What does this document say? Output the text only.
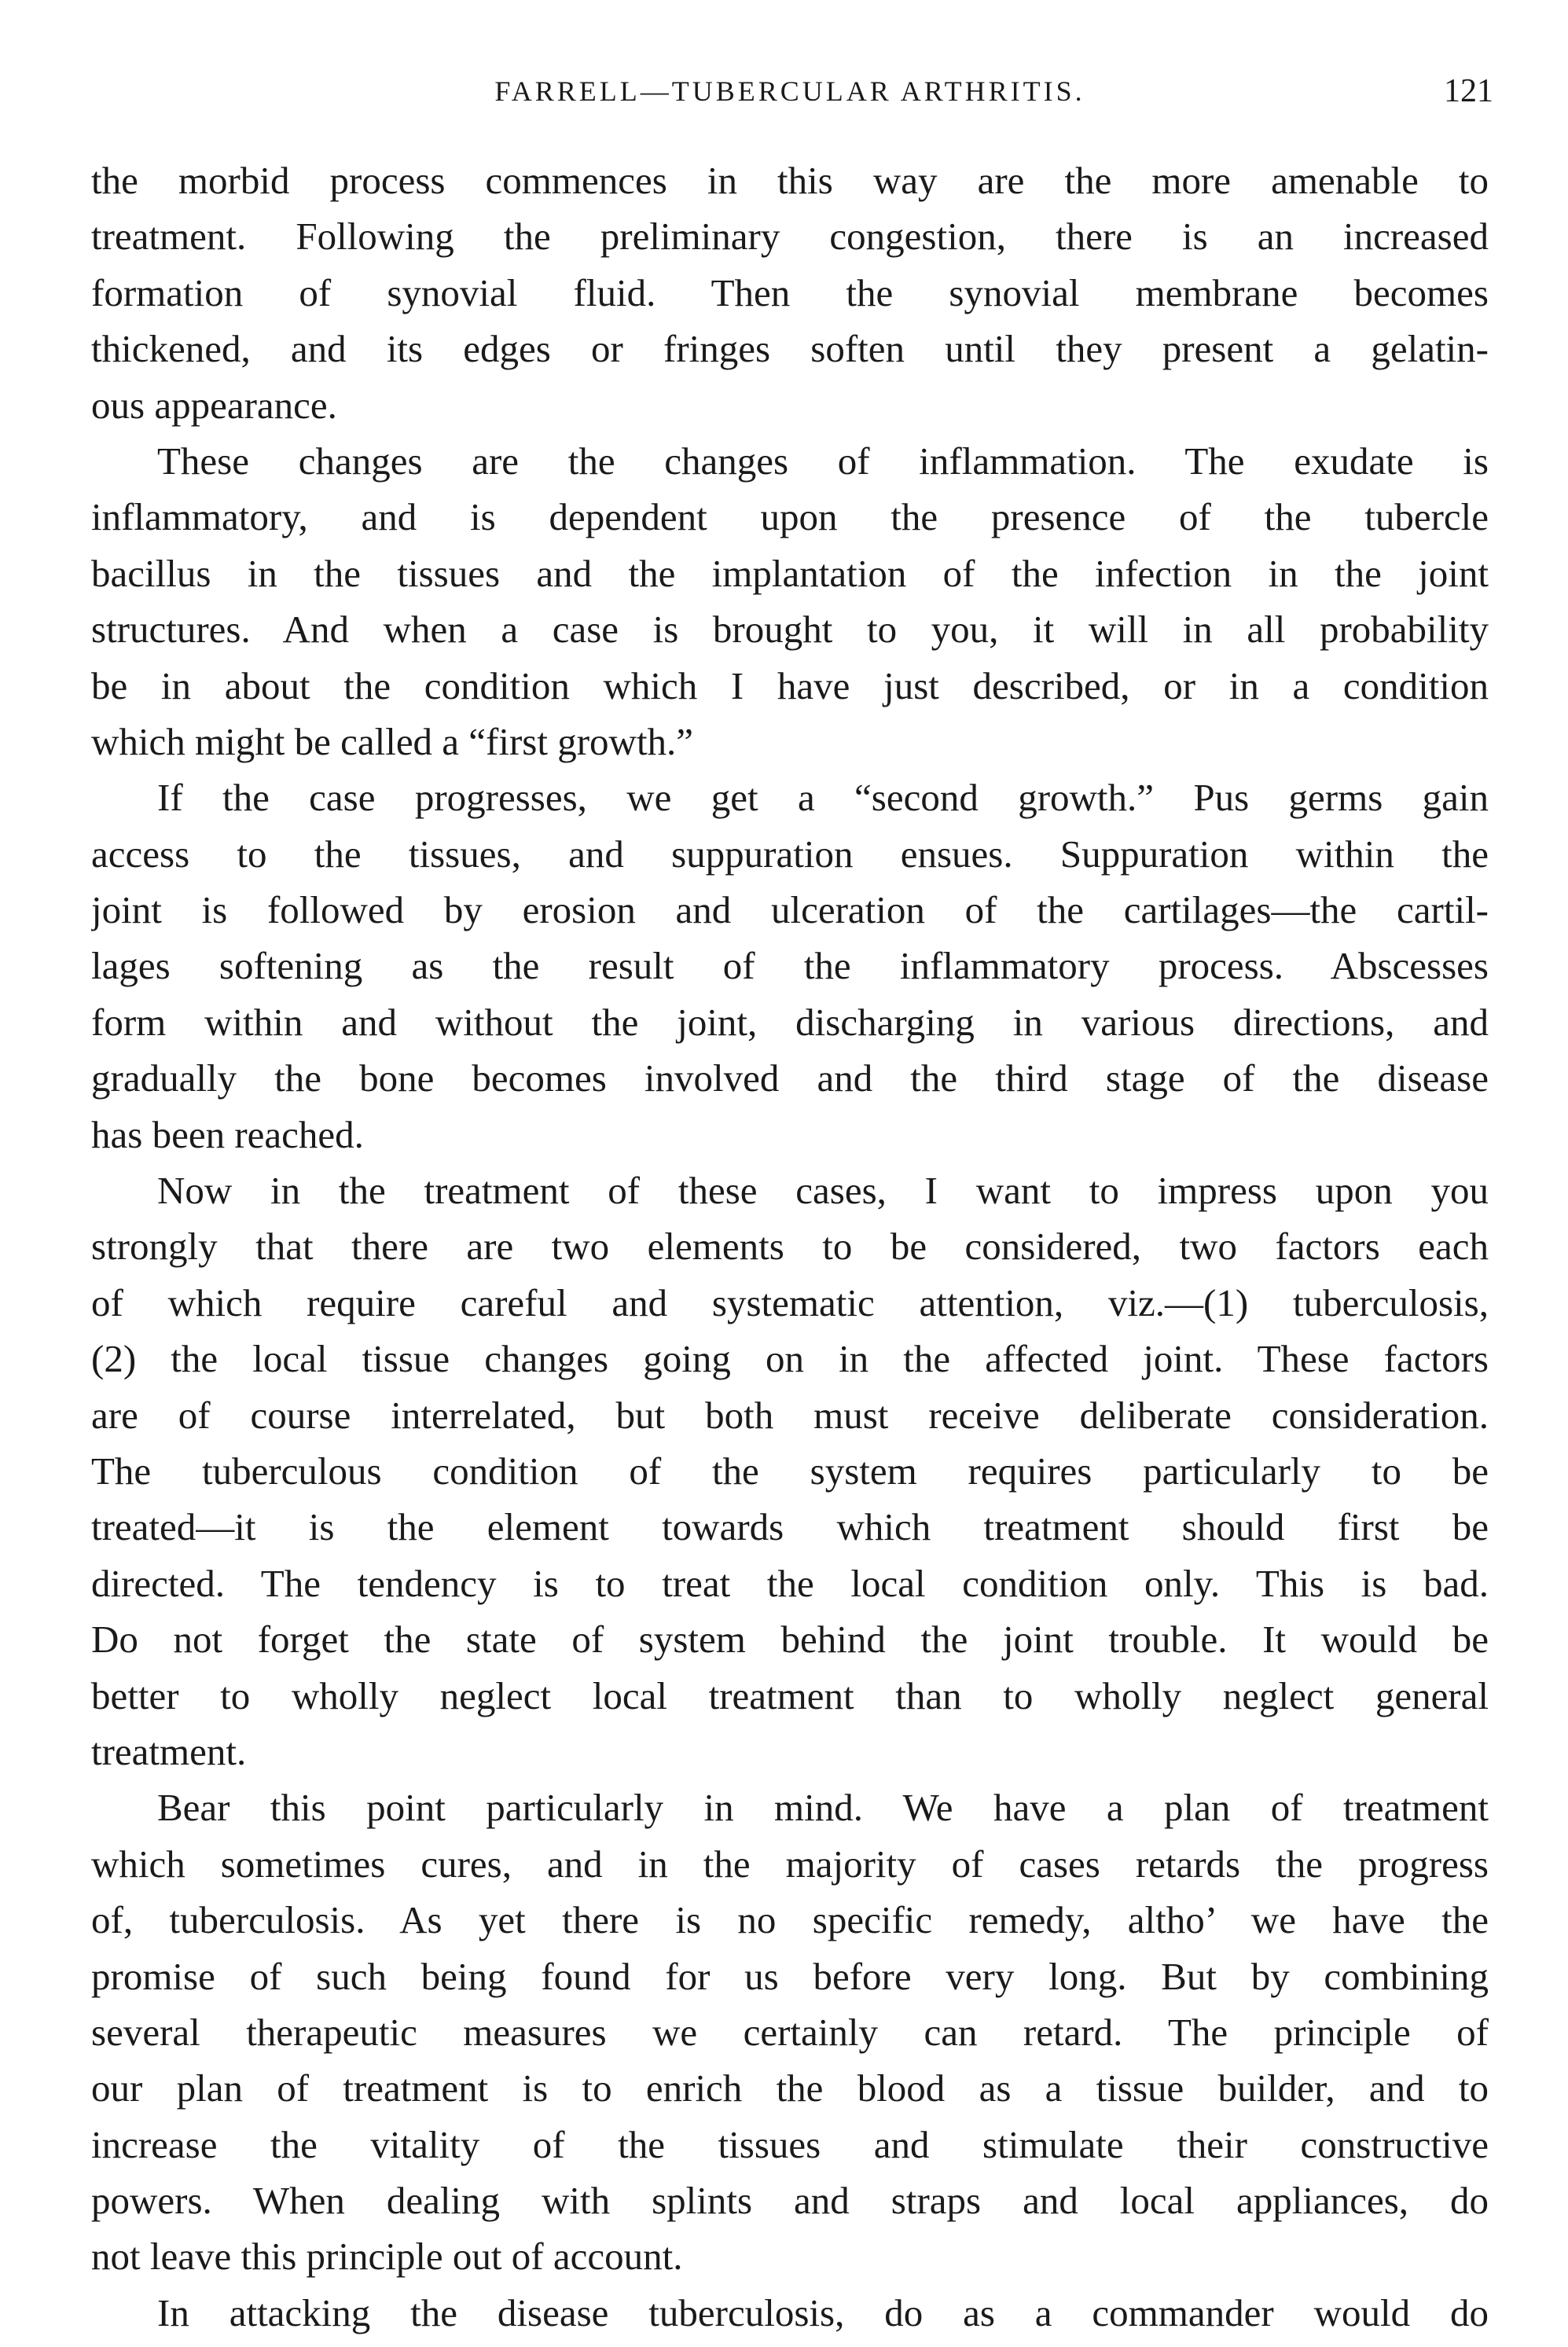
FARRELL—TUBERCULAR ARTHRITIS.	121
the morbid process commences in this way are the more amenable to
treatment. Following the preliminary congestion, there is an increased
formation of synovial fluid. Then the synovial membrane becomes
thickened, and its edges or fringes soften until they present a gelatin-
ous appearance.
These changes are the changes of inflammation. The exudate is
inflammatory, and is dependent upon the presence of the tubercle
bacillus in the tissues and the implantation of the infection in the joint
structures. And when a case is brought to you, it will in all probability
be in about the condition which I have just described, or in a condition
which might be called a “first growth.”
If the case progresses, we get a “second growth.” Pus germs gain
access to the tissues, and suppuration ensues. Suppuration within the
joint is followed by erosion and ulceration of the cartilages—the cartil-
lages softening as the result of the inflammatory process. Abscesses
form within and without the joint, discharging in various directions, and
gradually the bone becomes involved and the third stage of the disease
has been reached.
Now in the treatment of these cases, I want to impress upon you
strongly that there are two elements to be considered, two factors each
of which require careful and systematic attention, viz.—(1) tuberculosis,
(2) the local tissue changes going on in the affected joint. These factors
are of course interrelated, but both must receive deliberate consideration.
The tuberculous condition of the system requires particularly to be
treated—it is the element towards which treatment should first be
directed. The tendency is to treat the local condition only. This is bad.
Do not forget the state of system behind the joint trouble. It would be
better to wholly neglect local treatment than to wholly neglect general
treatment.
Bear this point particularly in mind. We have a plan of treatment
which sometimes cures, and in the majority of cases retards the progress
of, tuberculosis. As yet there is no specific remedy, altho’ we have the
promise of such being found for us before very long. But by combining
several therapeutic measures we certainly can retard. The principle of
our plan of treatment is to enrich the blood as a tissue builder, and to
increase the vitality of the tissues and stimulate their constructive
powers. When dealing with splints and straps and local appliances, do
not leave this principle out of account.
In attacking the disease tuberculosis, do as a commander would do
